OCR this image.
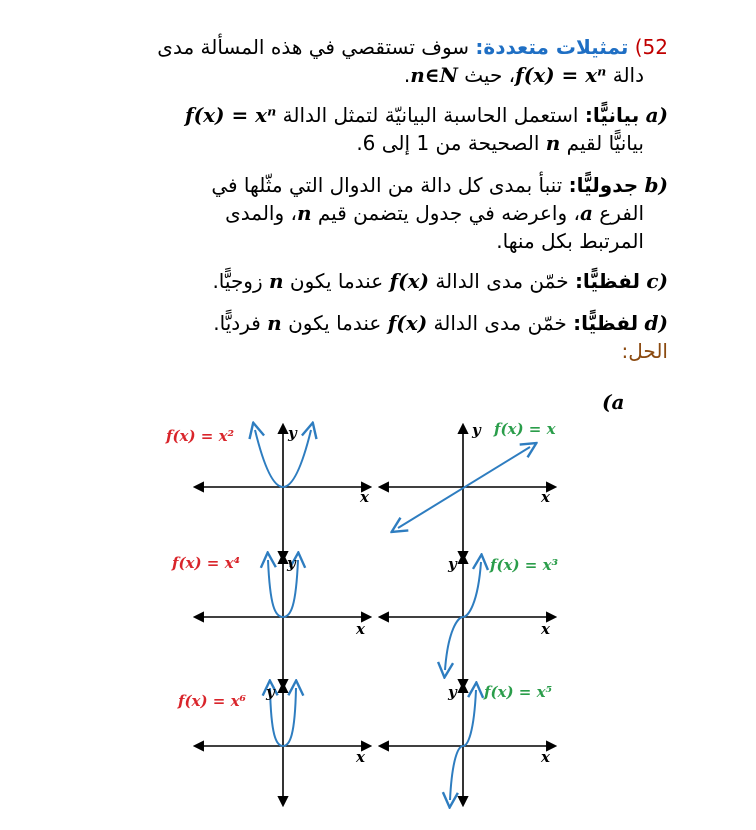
52) تمثيلات متعددة: سوف تستقصي في هذه المسألة مدى
دالة f(x) = xⁿ، حيث n∈N.
a) بيانيًّا: استعمل الحاسبة البيانيّة لتمثل الدالة f(x) = xⁿ
بيانيًّا لقيم n الصحيحة من 1 إلى 6.
b) جدوليًّا: تنبأ بمدى كل دالة من الدوال التي مثّلها في
الفرع a، واعرضه في جدول يتضمن قيم n، والمدى
المرتبط بكل منها.
c) لفظيًّا: خمّن مدى الدالة f(x) عندما يكون n زوجيًّا.
d) لفظيًّا: خمّن مدى الدالة f(x) عندما يكون n فرديًّا.
الحل:
(a
y
x
f(x) = x
y
x
f(x) = x²
y
x
f(x) = x⁴	y
x
f(x) = x³
y
x
f(x) = x⁶	y
x
f(x) = x⁵
